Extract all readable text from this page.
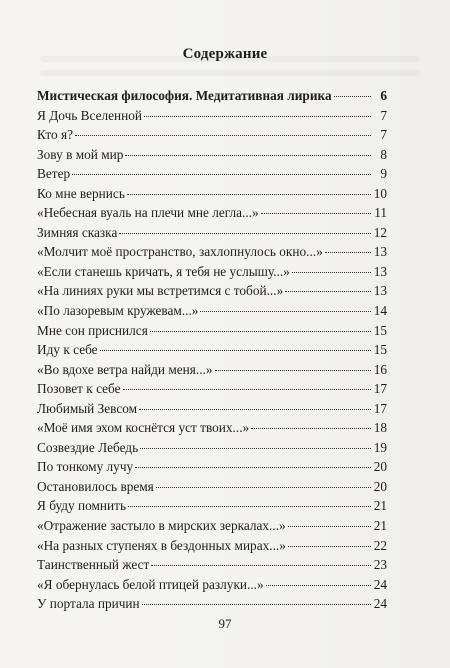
Содержание
Мистическая философия. Медитативная лирика	6
Я Дочь Вселенной	7
Кто я?	7
Зову в мой мир	8
Ветер	9
Ко мне вернись	10
«Небесная вуаль на плечи мне легла...»	11
Зимняя сказка	12
«Молчит моё пространство, захлопнулось окно...»	13
«Если станешь кричать, я тебя не услышу...»	13
«На линиях руки мы встретимся с тобой...»	13
«По лазоревым кружевам...»	14
Мне сон приснился	15
Иду к себе	15
«Во вдохе ветра найди меня...»	16
Позовет к себе	17
Любимый Зевсом	17
«Моё имя эхом коснётся уст твоих...»	18
Созвездие Лебедь	19
По тонкому лучу	20
Остановилось время	20
Я буду помнить	21
«Отражение застыло в мирских зеркалах...»	21
«На разных ступенях в бездонных мирах...»	22
Таинственный жест	23
«Я обернулась белой птицей разлуки...»	24
У портала причин	24
97
